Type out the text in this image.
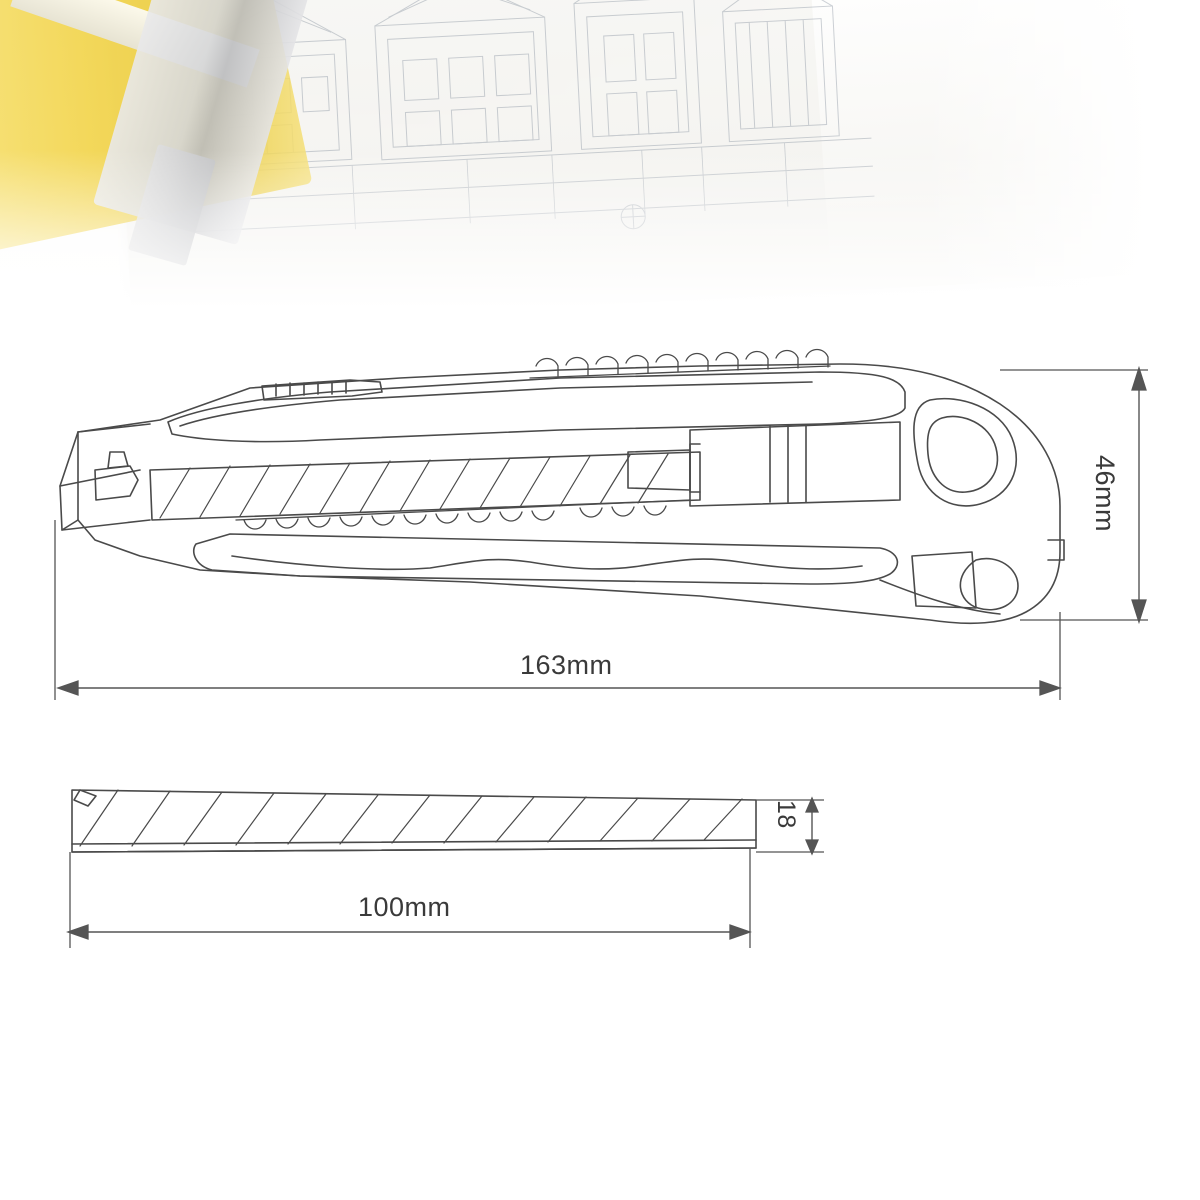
163mm
46mm
100mm
18
